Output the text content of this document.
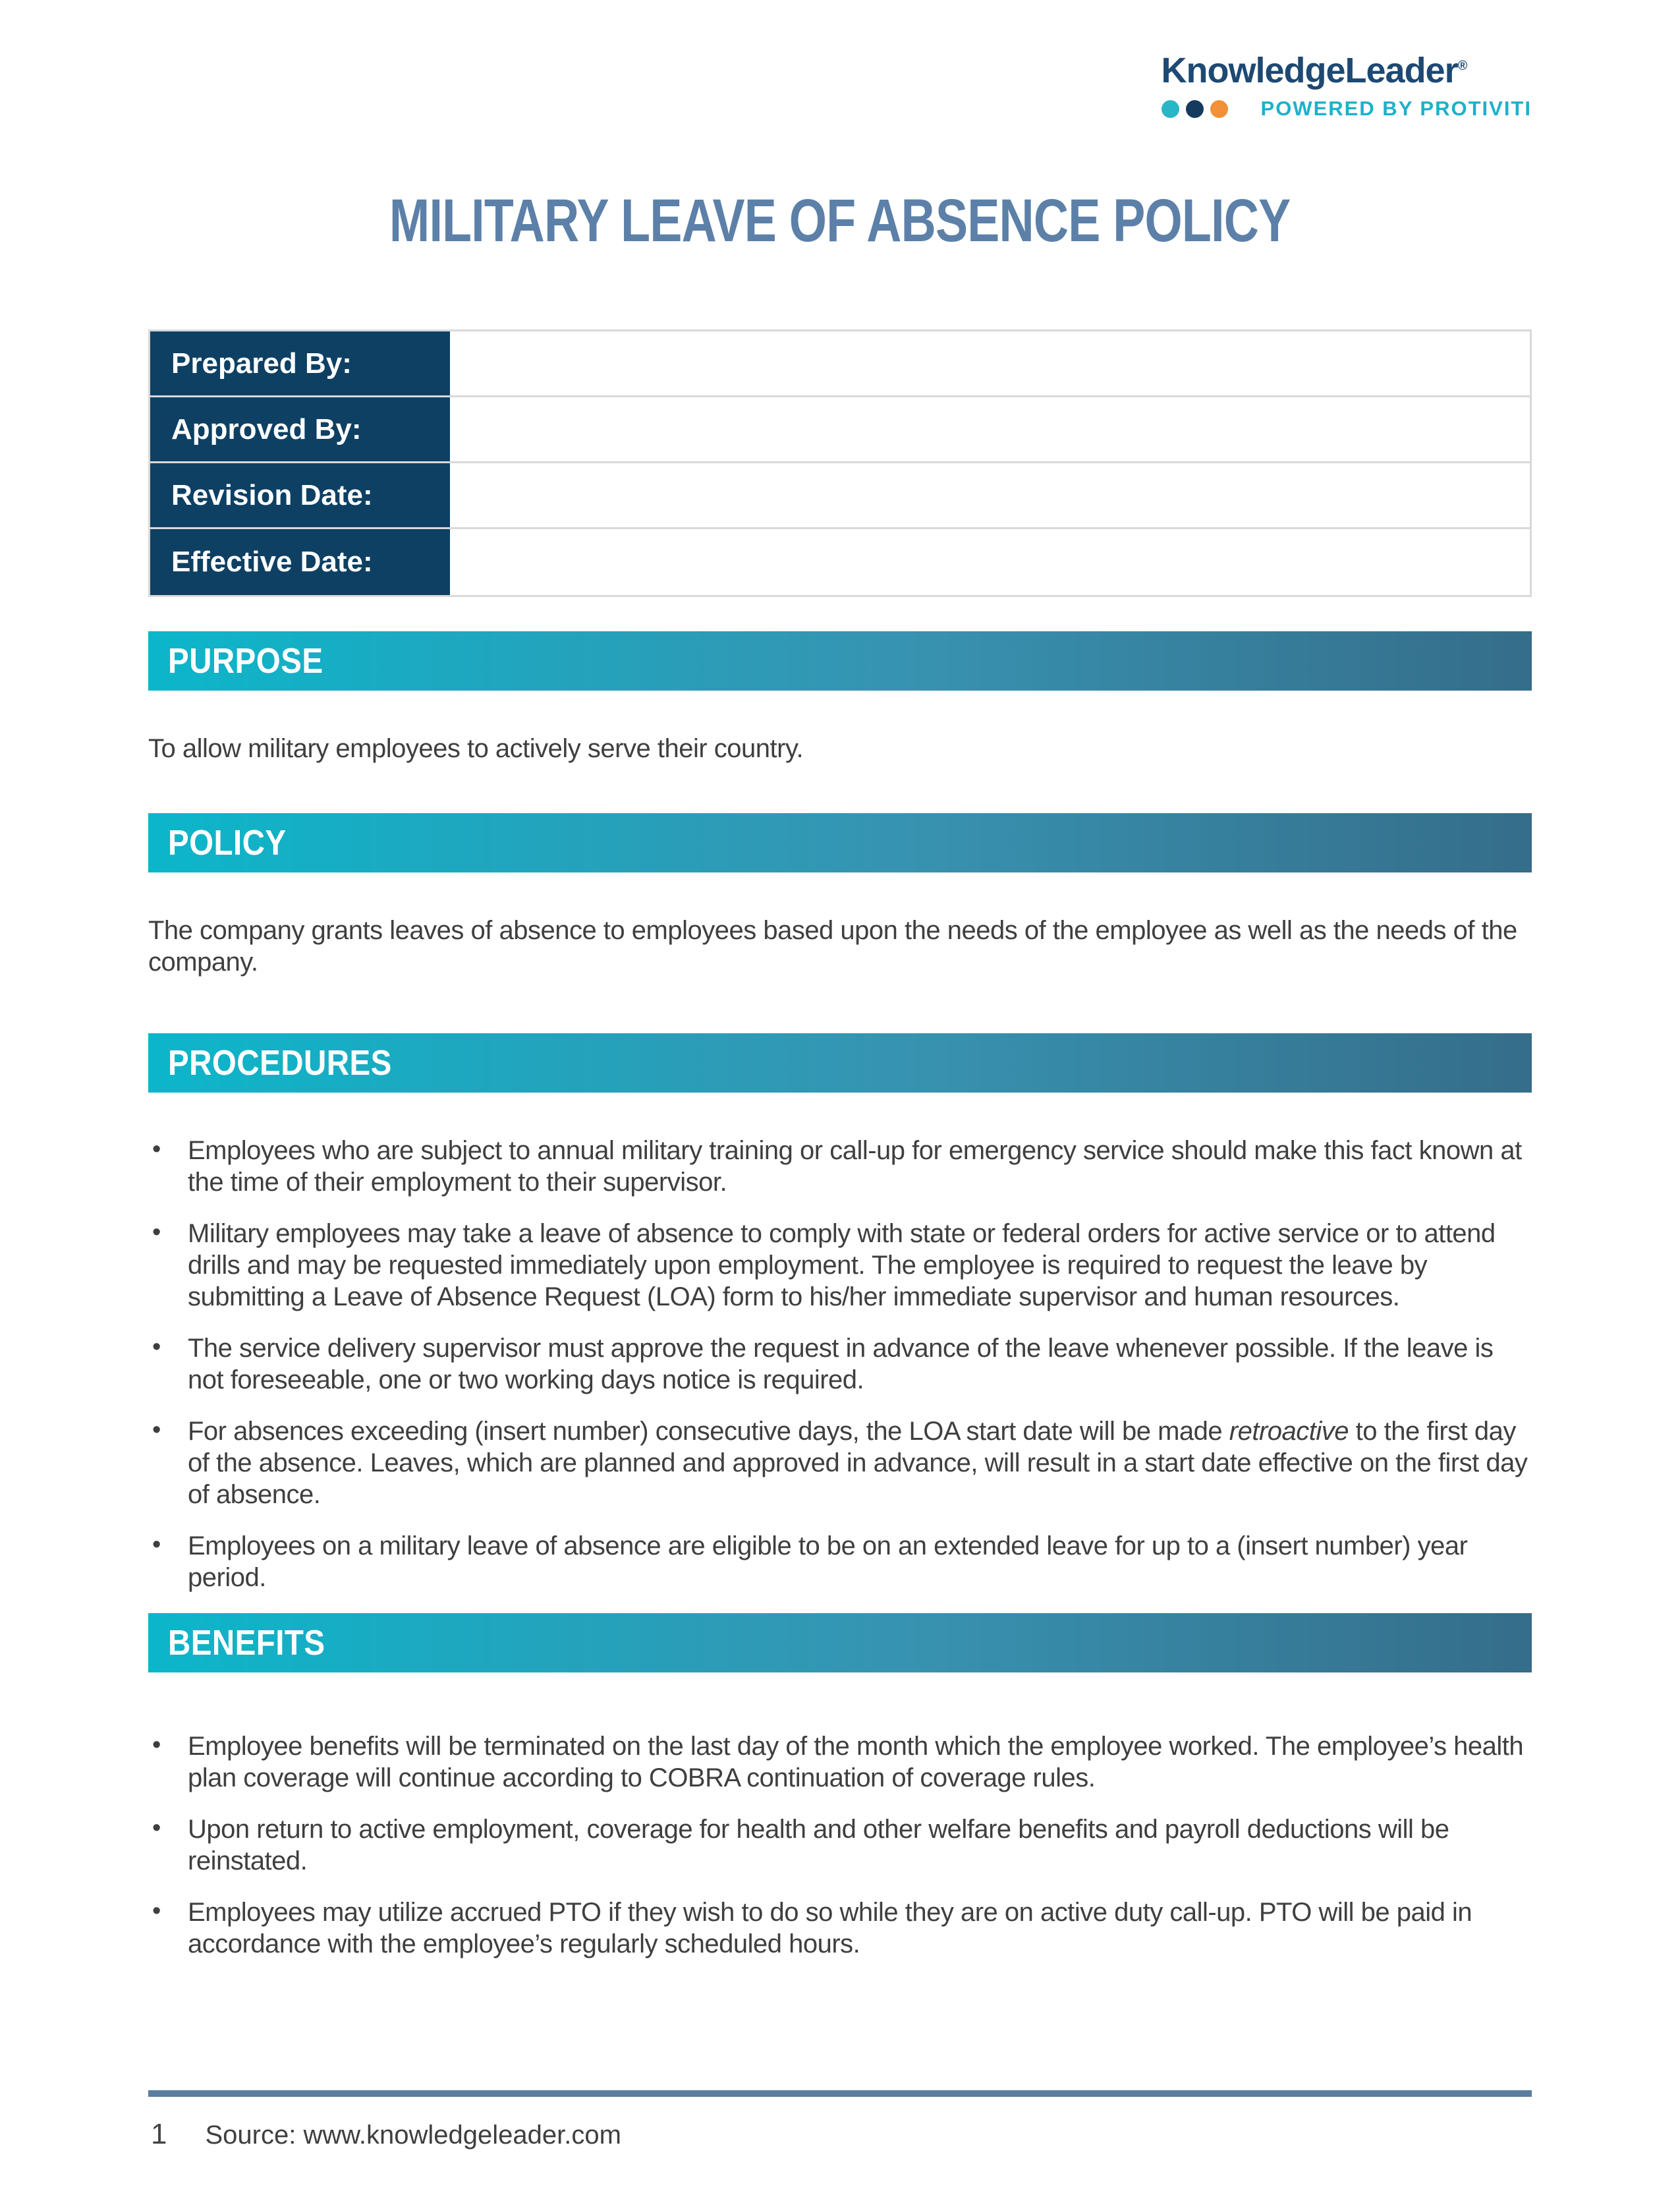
KnowledgeLeader®
POWERED BY PROTIVITI
MILITARY LEAVE OF ABSENCE POLICY
Prepared By:
Approved By:
Revision Date:
Effective Date:
PURPOSE

To allow military employees to actively serve their country.

POLICY

The company grants leaves of absence to employees based upon the needs of the employee as well as the needs of the company.

PROCEDURES
• Employees who are subject to annual military training or call-up for emergency service should make this fact known at the time of their employment to their supervisor.
• Military employees may take a leave of absence to comply with state or federal orders for active service or to attend drills and may be requested immediately upon employment. The employee is required to request the leave by submitting a Leave of Absence Request (LOA) form to his/her immediate supervisor and human resources.
• The service delivery supervisor must approve the request in advance of the leave whenever possible. If the leave is not foreseeable, one or two working days notice is required.
• For absences exceeding (insert number) consecutive days, the LOA start date will be made retroactive to the first day of the absence. Leaves, which are planned and approved in advance, will result in a start date effective on the first day of absence.
• Employees on a military leave of absence are eligible to be on an extended leave for up to a (insert number) year period.
BENEFITS
• Employee benefits will be terminated on the last day of the month which the employee worked. The employee’s health plan coverage will continue according to COBRA continuation of coverage rules.
• Upon return to active employment, coverage for health and other welfare benefits and payroll deductions will be reinstated.
• Employees may utilize accrued PTO if they wish to do so while they are on active duty call-up. PTO will be paid in accordance with the employee’s regularly scheduled hours.
1 Source: www.knowledgeleader.com
